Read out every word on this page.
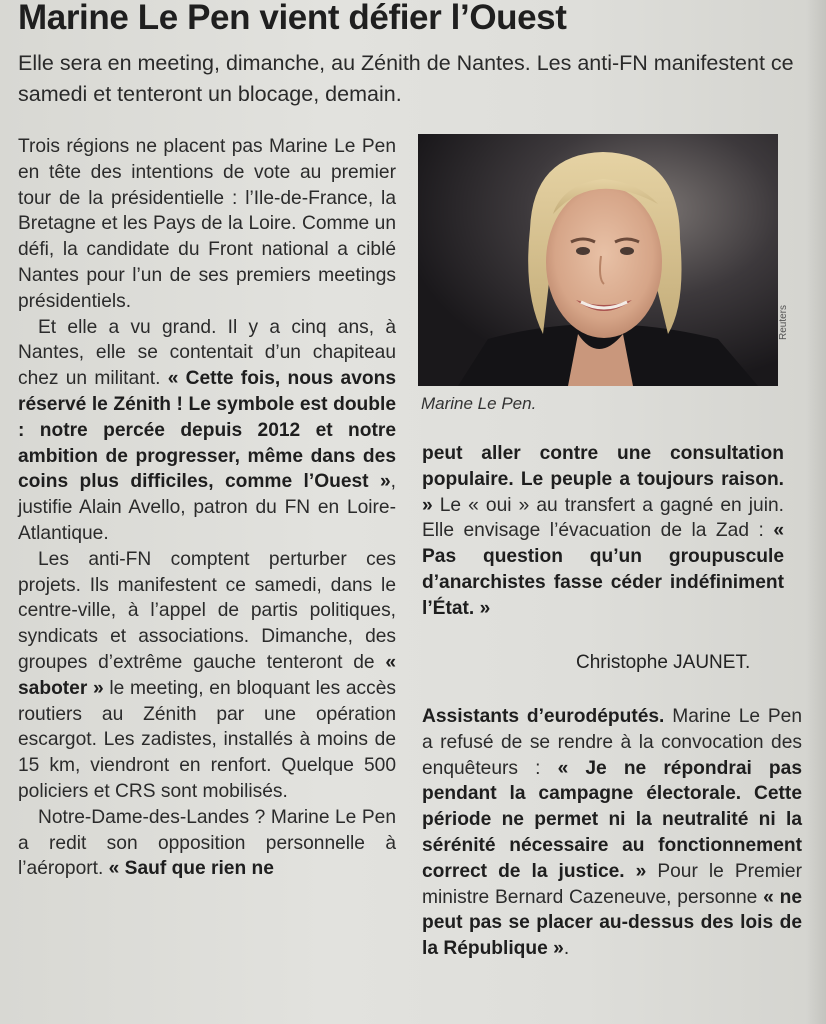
Marine Le Pen vient défier l’Ouest
Elle sera en meeting, dimanche, au Zénith de Nantes. Les anti-FN manifestent ce samedi et tenteront un blocage, demain.

Trois régions ne placent pas Marine Le Pen en tête des intentions de vote au premier tour de la présidentielle : l’Ile-de-France, la Bretagne et les Pays de la Loire. Comme un défi, la candidate du Front national a ciblé Nantes pour l’un de ses premiers meetings présidentiels.

Et elle a vu grand. Il y a cinq ans, à Nantes, elle se contentait d’un chapiteau chez un militant. « Cette fois, nous avons réservé le Zénith ! Le symbole est double : notre percée depuis 2012 et notre ambition de progresser, même dans des coins plus difficiles, comme l’Ouest », justifie Alain Avello, patron du FN en Loire-Atlantique.

Les anti-FN comptent perturber ces projets. Ils manifestent ce samedi, dans le centre-ville, à l’appel de partis politiques, syndicats et associations. Dimanche, des groupes d’extrême gauche tenteront de « saboter » le meeting, en bloquant les accès routiers au Zénith par une opération escargot. Les zadistes, installés à moins de 15 km, viendront en renfort. Quelque 500 policiers et CRS sont mobilisés.

Notre-Dame-des-Landes ? Marine Le Pen a redit son opposition personnelle à l’aéroport. « Sauf que rien ne

Reuters
Marine Le Pen.

peut aller contre une consultation populaire. Le peuple a toujours raison. » Le « oui » au transfert a gagné en juin. Elle envisage l’évacuation de la Zad : « Pas question qu’un groupuscule d’anarchistes fasse céder indéfiniment l’État. »

Christophe JAUNET.

Assistants d’eurodéputés. Marine Le Pen a refusé de se rendre à la convocation des enquêteurs : « Je ne répondrai pas pendant la campagne électorale. Cette période ne permet ni la neutralité ni la sérénité nécessaire au fonctionnement correct de la justice. » Pour le Premier ministre Bernard Cazeneuve, personne « ne peut pas se placer au-dessus des lois de la République ».
